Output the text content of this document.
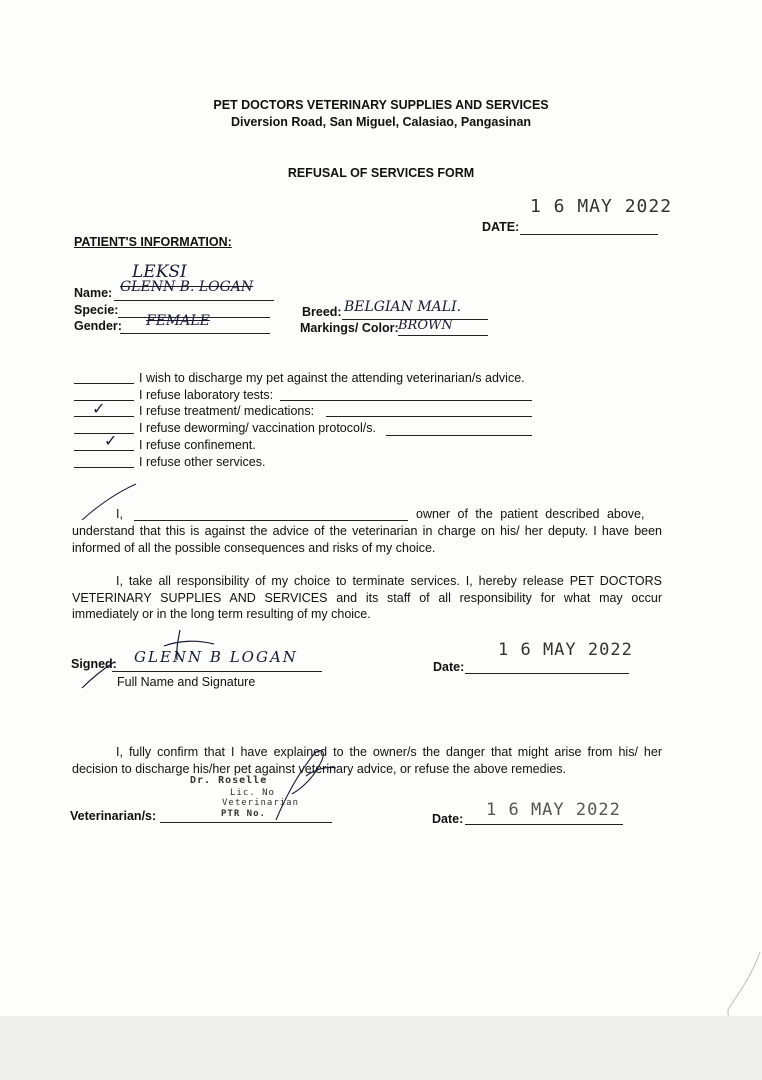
PET DOCTORS VETERINARY SUPPLIES AND SERVICES
Diversion Road, San Miguel, Calasiao, Pangasinan
REFUSAL OF SERVICES FORM
1 6 MAY 2022
DATE:
PATIENT'S INFORMATION:
LEKSI
Name: GLENN B. LOGAN
Specie:
Gender: FEMALE
Breed: BELGIAN MALI.
Markings/ Color: BROWN
I wish to discharge my pet against the attending veterinarian/s advice.
I refuse laboratory tests:
✓	I refuse treatment/ medications:
I refuse deworming/ vaccination protocol/s.
✓ I refuse confinement.
I refuse other services.
I,	owner of the patient described above,
understand that this is against the advice of the veterinarian in charge on his/ her deputy. I have been informed of all the possible consequences and risks of my choice.
I, take all responsibility of my choice to terminate services. I, hereby release PET DOCTORS VETERINARY SUPPLIES AND SERVICES and its staff of all responsibility for what may occur immediately or in the long term resulting of my choice.
Signed: GLENN B LOGAN
Full Name and Signature
1 6 MAY 2022
Date:
I, fully confirm that I have explained to the owner/s the danger that might arise from his/ her decision to discharge his/her pet against veterinary advice, or refuse the above remedies.
Dr. Roselle
Lic. No
Veterinarian
PTR No.
Veterinarian/s:	1 6 MAY 2022
Date:
